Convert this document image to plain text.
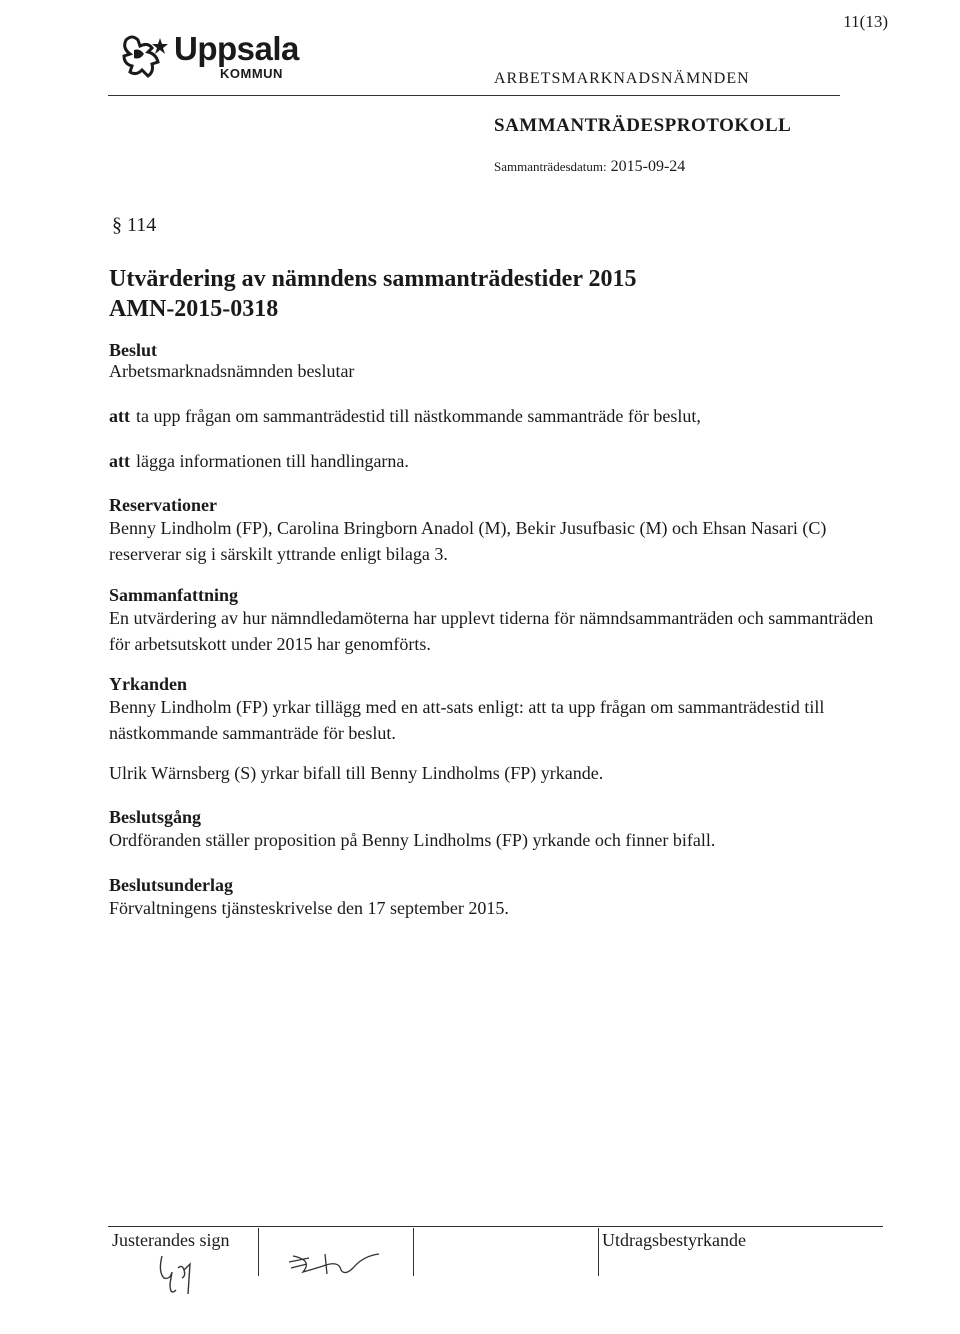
11(13)
Uppsala
KOMMUN	ARBETSMARKNADSNÄMNDEN
SAMMANTRÄDESPROTOKOLL
Sammanträdesdatum: 2015-09-24
§ 114
Utvärdering av nämndens sammanträdestider 2015
AMN-2015-0318
Beslut
Arbetsmarknadsnämnden beslutar
att ta upp frågan om sammanträdestid till nästkommande sammanträde för beslut,
att lägga informationen till handlingarna.
Reservationer
Benny Lindholm (FP), Carolina Bringborn Anadol (M), Bekir Jusufbasic (M) och Ehsan Nasari (C) reserverar sig i särskilt yttrande enligt bilaga 3.
Sammanfattning
En utvärdering av hur nämndledamöterna har upplevt tiderna för nämndsammanträden och sammanträden för arbetsutskott under 2015 har genomförts.
Yrkanden
Benny Lindholm (FP) yrkar tillägg med en att-sats enligt: att ta upp frågan om sammanträdestid till nästkommande sammanträde för beslut.
Ulrik Wärnsberg (S) yrkar bifall till Benny Lindholms (FP) yrkande.
Beslutsgång
Ordföranden ställer proposition på Benny Lindholms (FP) yrkande och finner bifall.
Beslutsunderlag
Förvaltningens tjänsteskrivelse den 17 september 2015.
Justerandes sign	Utdragsbestyrkande
